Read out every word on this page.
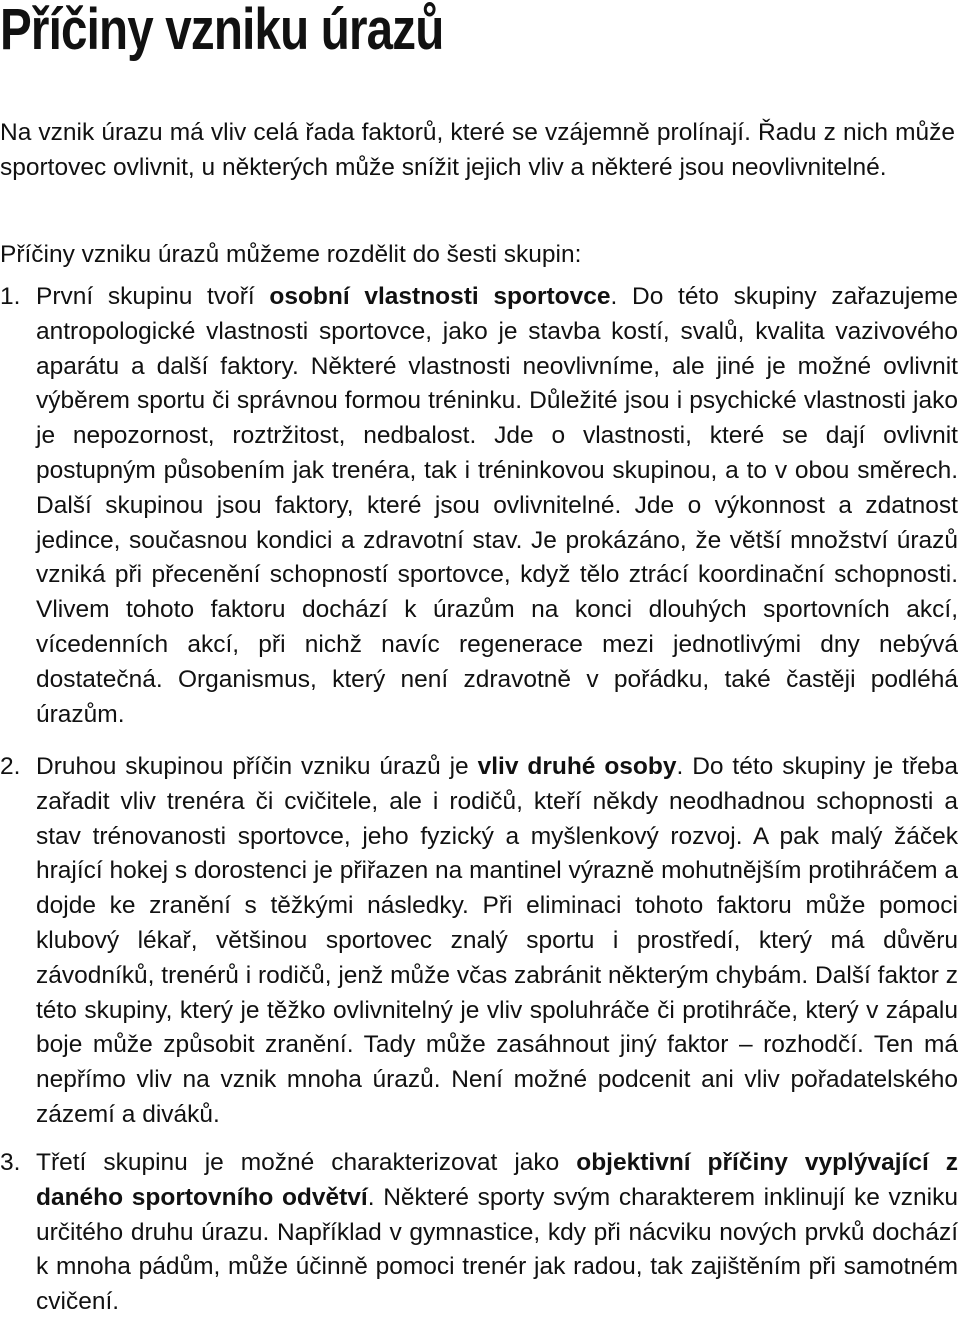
Příčiny vzniku úrazů

Na vznik úrazu má vliv celá řada faktorů, které se vzájemně prolínají. Řadu z nich může sportovec ovlivnit, u některých může snížit jejich vliv a některé jsou neovlivnitelné.

Příčiny vzniku úrazů můžeme rozdělit do šesti skupin:

1. První skupinu tvoří osobní vlastnosti sportovce. Do této skupiny zařazujeme antropologické vlastnosti sportovce, jako je stavba kostí, svalů, kvalita vazivového aparátu a další faktory. Některé vlastnosti neovlivníme, ale jiné je možné ovlivnit výběrem sportu či správnou formou tréninku. Důležité jsou i psychické vlastnosti jako je nepozornost, roztržitost, nedbalost. Jde o vlastnosti, které se dají ovlivnit postupným působením jak trenéra, tak i tréninkovou skupinou, a to v obou směrech. Další skupinou jsou faktory, které jsou ovlivnitelné. Jde o výkonnost a zdatnost jedince, současnou kondici a zdravotní stav. Je prokázáno, že větší množství úrazů vzniká při přecenění schopností sportovce, když tělo ztrácí koordinační schopnosti. Vlivem tohoto faktoru dochází k úrazům na konci dlouhých sportovních akcí, vícedenních akcí, při nichž navíc regenerace mezi jednotlivými dny nebývá dostatečná. Organismus, který není zdravotně v pořádku, také častěji podléhá úrazům.

2. Druhou skupinou příčin vzniku úrazů je vliv druhé osoby. Do této skupiny je třeba zařadit vliv trenéra či cvičitele, ale i rodičů, kteří někdy neodhadnou schopnosti a stav trénovanosti sportovce, jeho fyzický a myšlenkový rozvoj. A pak malý žáček hrající hokej s dorostenci je přiřazen na mantinel výrazně mohutnějším protihráčem a dojde ke zranění s těžkými následky. Při eliminaci tohoto faktoru může pomoci klubový lékař, většinou sportovec znalý sportu i prostředí, který má důvěru závodníků, trenérů i rodičů, jenž může včas zabránit některým chybám. Další faktor z této skupiny, který je těžko ovlivnitelný je vliv spoluhráče či protihráče, který v zápalu boje může způsobit zranění. Tady může zasáhnout jiný faktor – rozhodčí. Ten má nepřímo vliv na vznik mnoha úrazů. Není možné podcenit ani vliv pořadatelského zázemí a diváků.

3. Třetí skupinu je možné charakterizovat jako objektivní příčiny vyplývající z daného sportovního odvětví. Některé sporty svým charakterem inklinují ke vzniku určitého druhu úrazu. Například v gymnastice, kdy při nácviku nových prvků dochází k mnoha pádům, může účinně pomoci trenér jak radou, tak zajištěním při samotném cvičení.
